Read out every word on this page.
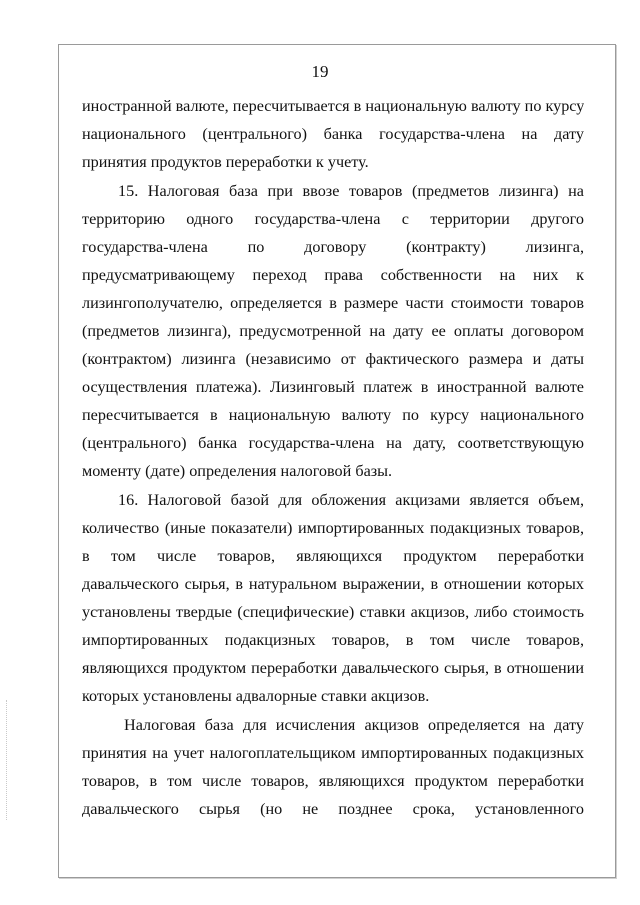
19
иностранной валюте, пересчитывается в национальную валюту по курсу
национального (центрального) банка государства-члена на дату
принятия продуктов переработки к учету.
15. Налоговая база при ввозе товаров (предметов лизинга) на
территорию одного государства-члена с территории другого
государства-члена по договору (контракту) лизинга,
предусматривающему переход права собственности на них к
лизингополучателю, определяется в размере части стоимости товаров
(предметов лизинга), предусмотренной на дату ее оплаты договором
(контрактом) лизинга (независимо от фактического размера и даты
осуществления платежа). Лизинговый платеж в иностранной валюте
пересчитывается в национальную валюту по курсу национального
(центрального) банка государства-члена на дату, соответствующую
моменту (дате) определения налоговой базы.
16. Налоговой базой для обложения акцизами является объем,
количество (иные показатели) импортированных подакцизных товаров,
в том числе товаров, являющихся продуктом переработки
давальческого сырья, в натуральном выражении, в отношении которых
установлены твердые (специфические) ставки акцизов, либо стоимость
импортированных подакцизных товаров, в том числе товаров,
являющихся продуктом переработки давальческого сырья, в отношении
которых установлены адвалорные ставки акцизов.
Налоговая база для исчисления акцизов определяется на дату
принятия на учет налогоплательщиком импортированных подакцизных
товаров, в том числе товаров, являющихся продуктом переработки
давальческого сырья (но не позднее срока, установленного
